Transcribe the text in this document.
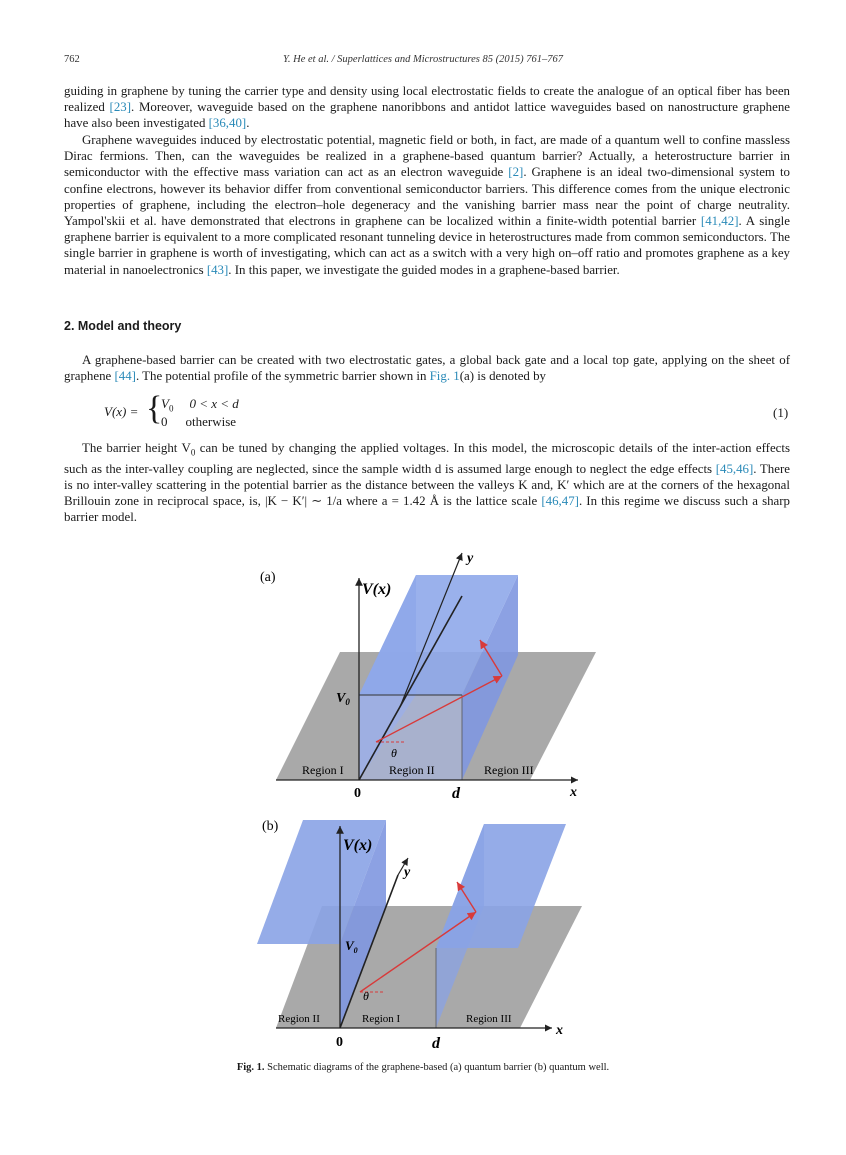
762	Y. He et al. / Superlattices and Microstructures 85 (2015) 761–767

guiding in graphene by tuning the carrier type and density using local electrostatic fields to create the analogue of an optical fiber has been realized [23]. Moreover, waveguide based on the graphene nanoribbons and antidot lattice waveguides based on nanostructure graphene have also been investigated [36,40].

Graphene waveguides induced by electrostatic potential, magnetic field or both, in fact, are made of a quantum well to confine massless Dirac fermions. Then, can the waveguides be realized in a graphene-based quantum barrier? Actually, a heterostructure barrier in semiconductor with the effective mass variation can act as an electron waveguide [2]. Graphene is an ideal two-dimensional system to confine electrons, however its behavior differ from conventional semiconductor barriers. This difference comes from the unique electronic properties of graphene, including the electron–hole degeneracy and the vanishing barrier mass near the point of charge neutrality. Yampol'skii et al. have demonstrated that electrons in graphene can be localized within a finite-width potential barrier [41,42]. A single graphene barrier is equivalent to a more complicated resonant tunneling device in heterostructures made from common semiconductors. The single barrier in graphene is worth of investigating, which can act as a switch with a very high on–off ratio and promotes graphene as a key material in nanoelectronics [43]. In this paper, we investigate the guided modes in a graphene-based barrier.

2. Model and theory

A graphene-based barrier can be created with two electrostatic gates, a global back gate and a local top gate, applying on the sheet of graphene [44]. The potential profile of the symmetric barrier shown in Fig. 1(a) is denoted by

V(x) = {
$V_0$ 0 < x < d
0 otherwise
(1)

The barrier height $V_0$ can be tuned by changing the applied voltages. In this model, the microscopic details of the inter-action effects such as the inter-valley coupling are neglected, since the sample width d is assumed large enough to neglect the edge effects [45,46]. There is no inter-valley scattering in the potential barrier as the distance between the valleys K and, K′ which are at the corners of the hexagonal Brillouin zone in reciprocal space, is, |K − K′| ∼ 1/a where a = 1.42 Å is the lattice scale [46,47]. In this regime we discuss such a sharp barrier model.

(a)
V(x)
y
$V_0$
θ
Region I	Region II	Region III
0	d	x
(b)
V(x)
y
$V_0$
θ
Region II	Region I	Region III
0	d
x
Fig. 1. Schematic diagrams of the graphene-based (a) quantum barrier (b) quantum well.
